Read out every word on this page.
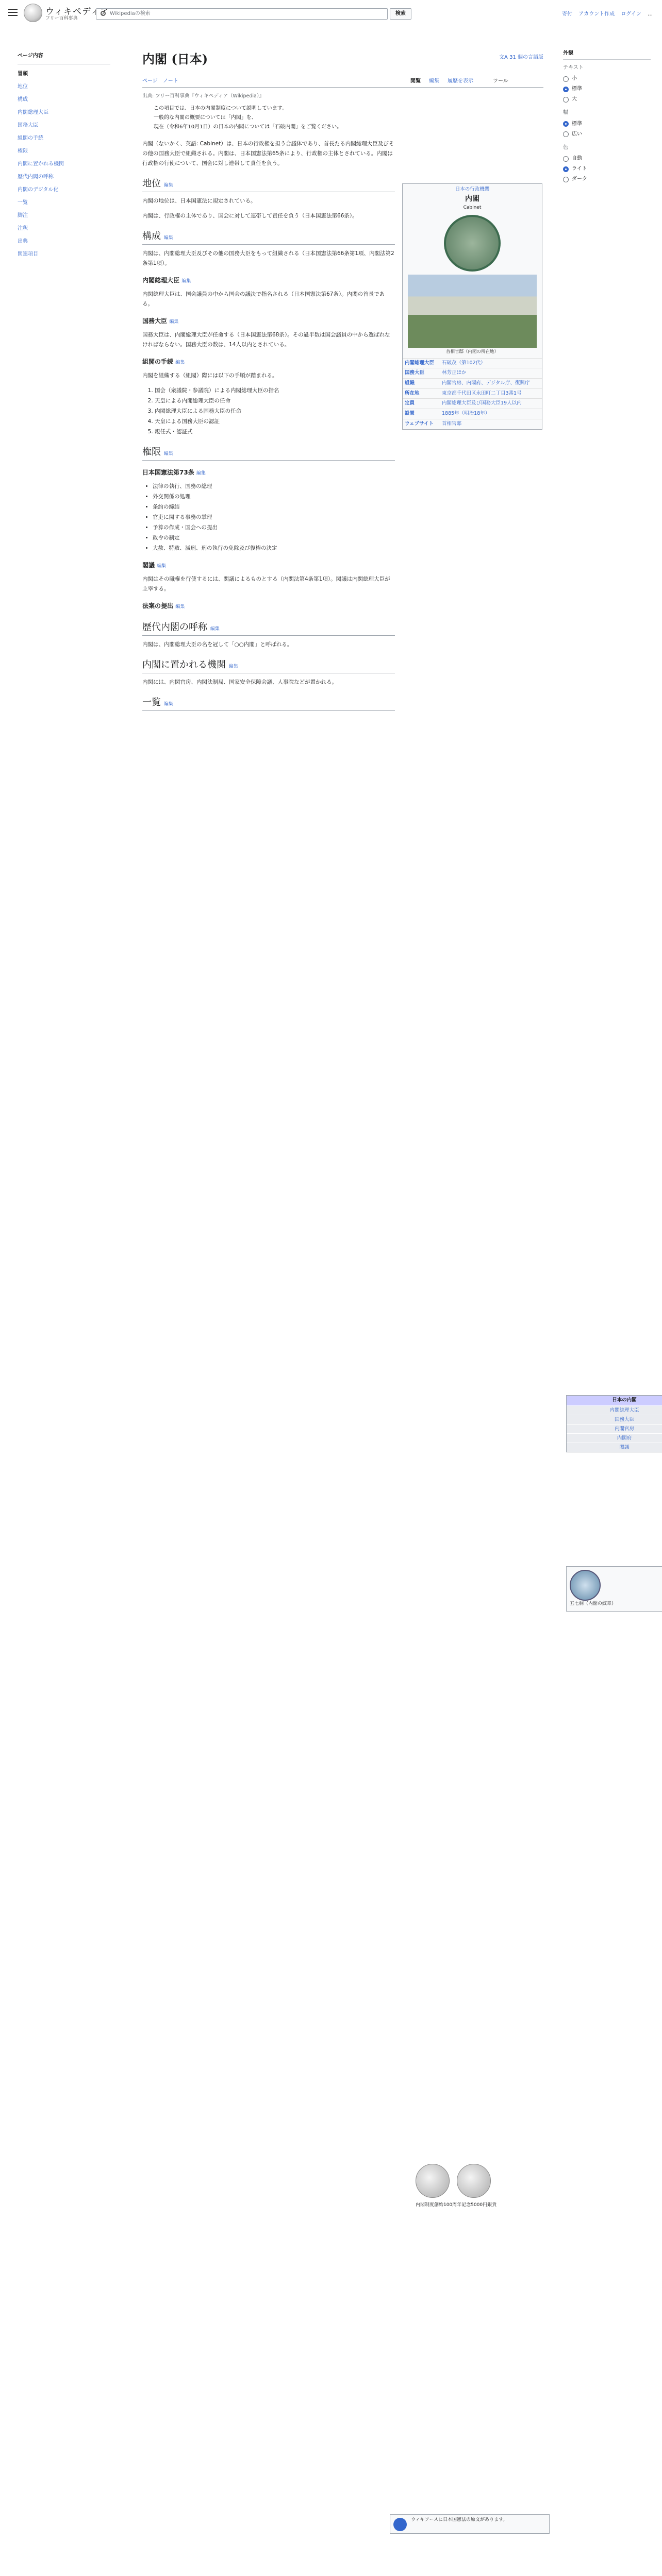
ウィキペディア
フリー百科事典
Wikipediaの検索	検索	寄付 アカウント作成 ログイン …
ページ内容
冒頭
地位
構成
内閣総理大臣
国務大臣
組閣の手続
権限
内閣に置かれる機関
歴代内閣の呼称
内閣のデジタル化
一覧
脚注
注釈
出典
関連項目
内閣 (日本)	文A 31 個の言語版
ページ ノート	閲覧 編集 履歴を表示	ツール
出典: フリー百科事典『ウィキペディア（Wikipedia）』
この項目では、日本の内閣制度について説明しています。
一般的な内閣の概要については「内閣」を、
現在（令和6年10月1日）の日本の内閣については「石破内閣」をご覧ください。

内閣（ないかく、英語: Cabinet）は、日本の行政権を担う合議体であり、首長たる内閣総理大臣及びその他の国務大臣で組織される。内閣は、日本国憲法第65条により、行政権の主体とされている。内閣は行政権の行使について、国会に対し連帯して責任を負う。

地位 編集

内閣の地位は、日本国憲法に規定されている。

内閣は、行政権の主体であり、国会に対して連帯して責任を負う（日本国憲法第66条）。

構成 編集

内閣は、内閣総理大臣及びその他の国務大臣をもって組織される（日本国憲法第66条第1項、内閣法第2条第1項）。

内閣総理大臣 編集

内閣総理大臣は、国会議員の中から国会の議決で指名される（日本国憲法第67条）。内閣の首長である。

国務大臣 編集

国務大臣は、内閣総理大臣が任命する（日本国憲法第68条）。その過半数は国会議員の中から選ばれなければならない。国務大臣の数は、14人以内とされている。

組閣の手続 編集

内閣を組織する（組閣）際には以下の手順が踏まれる。

1. 国会（衆議院・参議院）による内閣総理大臣の指名
2. 天皇による内閣総理大臣の任命
3. 内閣総理大臣による国務大臣の任命
4. 天皇による国務大臣の認証
5. 親任式・認証式
権限 編集
日本国憲法第73条 編集
• 法律の執行、国務の総理
• 外交関係の処理
• 条約の締結
• 官吏に関する事務の掌理
• 予算の作成・国会への提出
• 政令の制定
• 大赦、特赦、減刑、刑の執行の免除及び復権の決定
閣議 編集

内閣はその職権を行使するには、閣議によるものとする（内閣法第4条第1項）。閣議は内閣総理大臣が主宰する。

法案の提出 編集
歴代内閣の呼称 編集

内閣は、内閣総理大臣の名を冠して「○○内閣」と呼ばれる。

内閣に置かれる機関 編集

内閣には、内閣官房、内閣法制局、国家安全保障会議、人事院などが置かれる。

一覧 編集
日本の行政機関
内閣
Cabinet
首相官邸（内閣の所在地）
内閣総理大臣	石破茂（第102代）
国務大臣	林芳正ほか
組織	内閣官房、内閣府、デジタル庁、復興庁
所在地	東京都千代田区永田町二丁目3番1号
定員	内閣総理大臣及び国務大臣19人以内
設置	1885年（明治18年）
ウェブサイト	首相官邸
日本の内閣
内閣総理大臣
国務大臣
内閣官房
内閣府
閣議
五七桐（内閣の紋章）
内閣制度創始100周年記念5000円銀貨
ウィキソースに日本国憲法の原文があります。

外観
テキスト
小
標準
大
幅
標準
広い
色
自動
ライト
ダーク
